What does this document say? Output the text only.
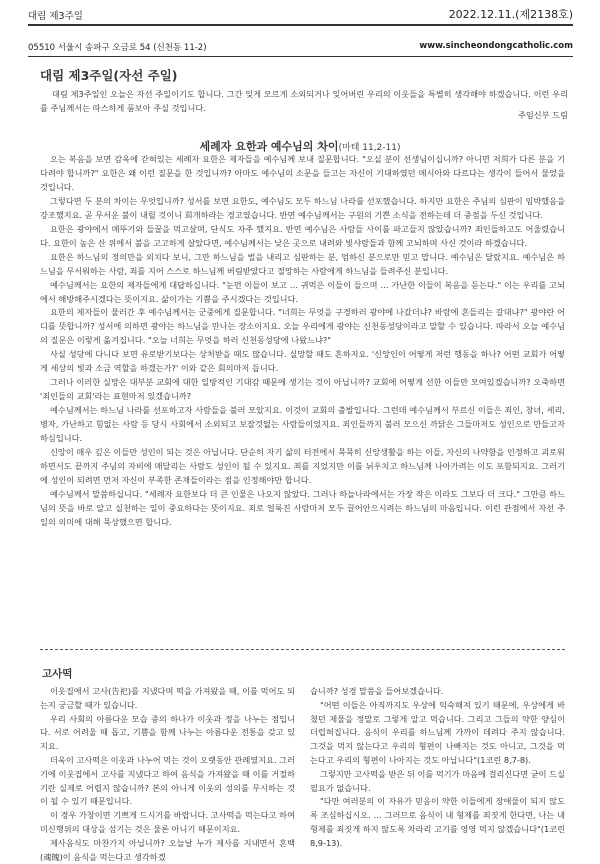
대림 제3주일	2022.12.11.(제2138호)
05510 서울시 송파구 오금로 54 (신천동 11-2)	www.sincheondongcatholic.com
대림 제3주일(자선 주일)

대림 제3주일인 오늘은 자선 주일이기도 합니다. 그간 잊게 모르게 소외되거나 잊어버린 우리의 이웃들을 특별히 생각해야 하겠습니다. 이런 우리를 주님께서는 따스하게 품보아 주실 것입니다.

주임신부 드림
세례자 요한과 예수님의 차이(마태 11,2-11)

오는 복음을 보면 감옥에 갇혀있는 세례자 요한은 제자들을 예수님께 보내 질문합니다. "오실 분이 선생님이십니까? 아니면 저희가 다른 분을 기다려야 합니까?" 요한은 왜 이런 질문을 한 것입니까? 아마도 예수님의 소문을 들고는 자신이 기대하였던 메시아와 다르다는 생각이 들어서 물었을 것입니다.

그렇다면 두 분의 차이는 무엇입니까? 성서를 보면 요한도, 예수님도 모두 하느님 나라를 선포했습니다. 하지만 요한은 주님의 심판이 임박했음을 강조했지요. 곧 무서운 불이 내릴 것이니 회개하라는 경고였습니다. 반면 예수님께서는 구원의 기쁜 소식을 전하는데 더 중점을 두신 것입니다.

요한은 광야에서 메뚜기와 들꿀을 먹고살며, 단식도 자주 했지요. 반면 예수님은 사람들 사이를 파고들지 않았습니까? 죄인들하고도 어울렸습니다. 요한이 높은 산 위에서 불을 고고하게 살았다면, 예수님께서는 낮은 곳으로 내려와 빛샤람들과 함께 고뇌하며 사신 것이라 하겠습니다.

요한은 하느님의 정의만을 외치다 보니, 그만 하느님을 벌을 내리고 심판하는 분, 엄하신 분으로만 믿고 맙니다. 예수님은 달랐지요. 예수님은 하느님을 무서워하는 사람, 죄를 지어 스스로 하느님께 버림받았다고 절망하는 사람에게 하느님을 들려주신 분입니다.

예수님께서는 요한의 제자들에게 대답하십니다. "눈먼 이들이 보고 … 귀먹은 이들이 들으며 … 가난한 이들이 복음을 듣는다." 이는 우리를 고뇌에서 해방해주시겠다는 뜻이지요. 삶이가는 기쁨을 주시겠다는 것입니다.

요한의 제자들이 물러간 후 예수님께서는 군중에게 질문합니다. "너희는 무엇을 구경하러 광야에 나갔더냐? 바람에 흔들리는 갈대냐?" 광야란 어디를 뜻합니까? 성서에 의하면 광야는 하느님을 만나는 장소이지요. 오늘 우리에게 광야는 신천동성당이라고 말할 수 있습니다. 따라서 오늘 예수님의 질문은 이렇게 옮겨집니다. "오늘 너희는 무엇을 하러 신천동성당에 나왔느냐?"

사실 성당에 다니다 보면 유로받기보다는 상처받을 때도 많습니다. 실망할 때도 흔하지요. '신앙인이 어떻게 저런 행동을 하나? 어떤 교회가 어떻게 세상의 빛과 소금 역할을 하겠는가?' 이와 같은 회의마저 듭니다.

그러나 이러한 실망은 대부분 교회에 대한 일방적인 기대감 때문에 생기는 것이 아닙니까? 교회에 어떻게 선한 이들만 모여있겠습니까? 오죽하면 '죄인들의 교회'라는 표현마저 있겠습니까?

예수님께서는 하느님 나라를 선포하고자 사람들을 불러 모았지요. 이것이 교회의 출발입니다. 그런데 예수님께서 부르신 이들은 죄인, 창녀, 세리, 병자, 가난하고 힘없는 사람 등 당시 사회에서 소외되고 보잘것없는 사람들이었지요. 죄인들까지 불러 모으신 까닭은 그들마저도 성인으로 만들고자 하심입니다.

신앙이 매우 깊은 이들만 성인이 되는 것은 아닙니다. 단순히 자기 삶의 터전에서 묵묵히 신앙생활을 하는 이들, 자신의 나약함을 인정하고 괴로워하면서도 끝까지 주님의 자비에 매달리는 사람도 성인이 될 수 있지요. 죄를 지었지만 이를 뉘우치고 하느님께 나아가려는 이도 포함되지요. 그러기에 성인이 되려면 먼저 자신이 부족한 존재들이라는 점을 인정해야만 합니다.

예수님께서 말씀하십니다. "세례자 요한보다 더 큰 인물은 나오지 않았다. 그러나 하늘나라에서는 가장 작은 이라도 그보다 더 크다." 그만큼 하느님의 뜻을 바로 알고 실천하는 일이 중요하다는 뜻이지요. 죄로 얼룩진 사람마저 모두 끌어안으시려는 하느님의 마음입니다. 이런 관점에서 자선 주일의 의미에 대해 묵상했으면 합니다.

고사떡

이웃집에서 고사(告祀)를 지냈다며 떡을 가져왔을 때, 이를 먹어도 되는지 궁금할 때가 있습니다.

우리 사회의 아름다운 모습 중의 하나가 이웃과 정을 나누는 점입니다. 서로 어려울 때 돕고, 기쁨을 함께 나누는 아름다운 전통을 갖고 있지요.

더욱이 고사떡은 이웃과 나누어 먹는 것이 오랫동안 관례였지요. 그러기에 이웃집에서 고사를 지냈다고 하여 음식을 가져왔을 때 이를 거절하기란 실제로 어렵지 않습니까? 본의 아니게 이웃의 성의를 무시하는 것이 될 수 있기 때문입니다.

이 경우 가창이면 기쁘게 드시기를 바랍니다. 고사떡을 먹는다고 하여 미신행위의 대상을 섬기는 것은 물론 아니기 때문이지요.

제사음식도 마찬가지 아닙니까? 오늘날 누가 제사를 지내면서 혼백(魂魄)이 음식을 먹는다고 생각하겠

습니까? 성경 말씀을 들어보겠습니다.

"어떤 이들은 아직까지도 우상에 익숙해져 있기 때문에, 우상에게 바쳤던 제물을 정말로 그렇게 알고 먹습니다. 그리고 그들의 약한 양심이 더럽혀집니다. 음식이 우리를 하느님께 가까이 데려다 주지 않습니다. 그것을 먹지 않는다고 우리의 형편이 나빠지는 것도 아니고, 그것을 먹는다고 우리의 형편이 나아지는 것도 아닙니다"(1코린 8,7-8).

그렇지만 고사떡을 받은 뒤 이를 먹기가 마음에 걸리신다면 굳이 드실 필요가 없습니다.

"다만 여러분의 이 자유가 믿음이 약한 이들에게 장애물이 되지 않도록 조심하십시오. … 그러므로 음식이 내 형제를 죄짓게 한다면, 나는 내 형제를 죄짓게 하지 않도록 차라리 고기를 영영 먹지 않겠습니다"(1코린 8,9-13).
